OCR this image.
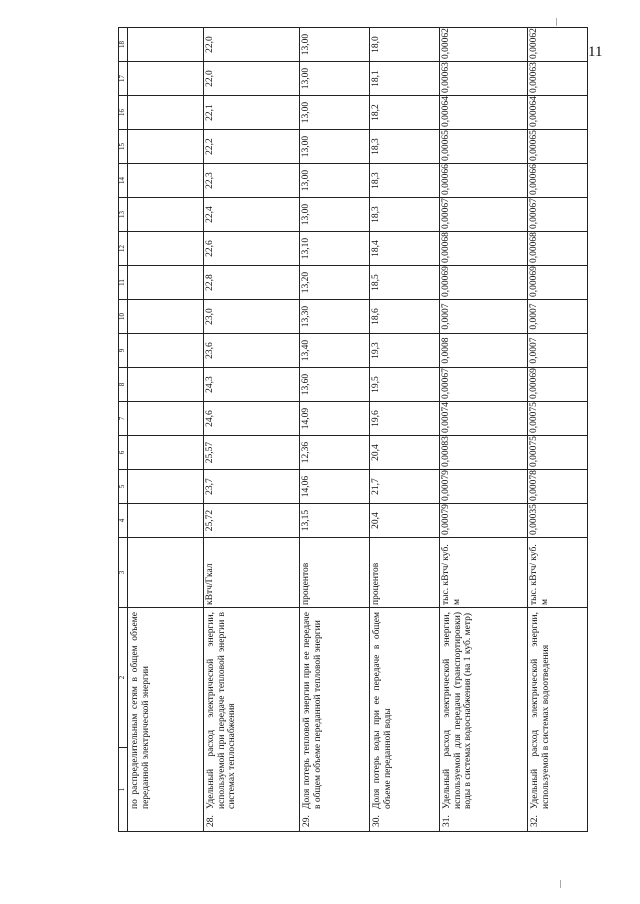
11
1	2	3	4	5	6	7	8	9	10	11	12	13	14	15	16	17	18

по распределительным сетям в общем объеме переданной электрической энергии																	

28.
Удельный расход электрической энергии, используемой при передаче тепловой энергии в системах теплоснабжения		кВтч/Гкал	25,72	23,7	25,57	24,6	24,3	23,6	23,0	22,8	22,6	22,4	22,3	22,2	22,1	22,0	22,0

29.
Доля потерь тепловой энергии при ее передаче в общем объеме переданной тепловой энергии		процентов	13,15	14,06	12,36	14,09	13,60	13,40	13,30	13,20	13,10	13,00	13,00	13,00	13,00	13,00	13,00

30.
Доля потерь воды при ее передаче в общем объеме переданной воды		процентов	20,4	21,7	20,4	19,6	19,5	19,3	18,6	18,5	18,4	18,3	18,3	18,3	18,2	18,1	18,0

31.
Удельный расход электрической энергии, используемой для передачи (транспортировки) воды в системах водоснабжения (на 1 куб. метр)		тыс. кВтч/ куб. м	0,00079	0,00079	0,00083	0,00074	0,00067	0,0008	0,0007	0,00069	0,00068	0,00067	0,00066	0,00065	0,00064	0,00063	0,00062

32.
Удельный расход электрической энергии, используемой в системах водоотведения		тыс. кВтч/ куб. м	0,00035	0,00078	0,00075	0,00075	0,00069	0,0007	0,0007	0,00069	0,00068	0,00067	0,00066	0,00065	0,00064	0,00063	0,00062
